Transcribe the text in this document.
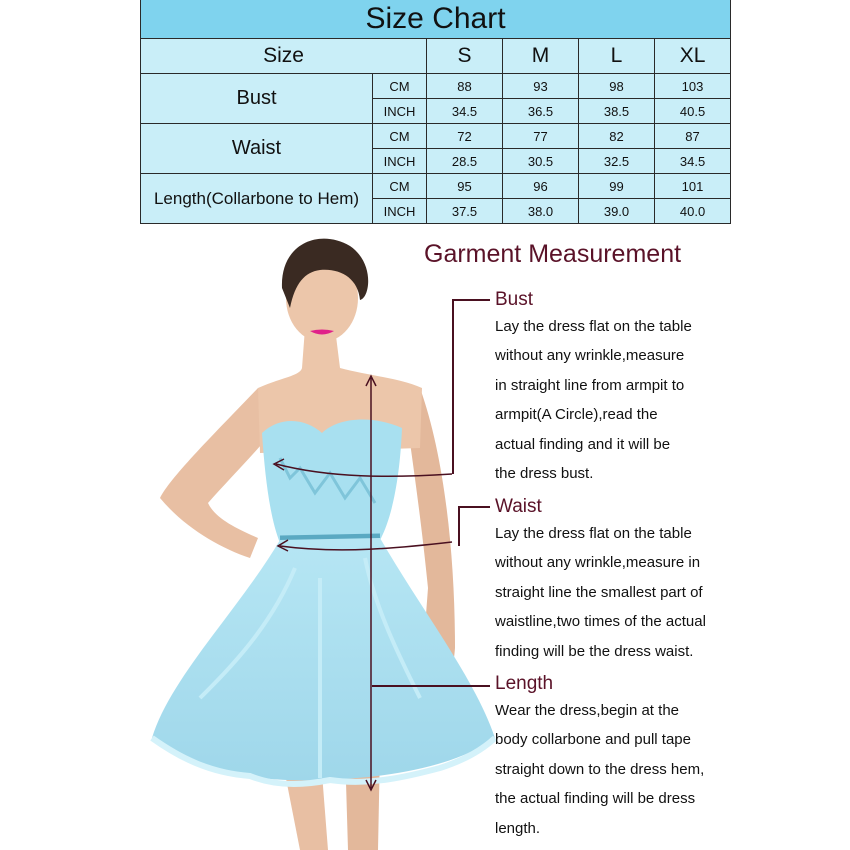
Size Chart					
Size		S	M	L	XL
Bust	CM	88	93	98	103
	INCH	34.5	36.5	38.5	40.5
Waist	CM	72	77	82	87
	INCH	28.5	30.5	32.5	34.5
Length(Collarbone to Hem)	CM	95	96	99	101
	INCH	37.5	38.0	39.0	40.0
Garment Measurement
Bust
Lay the dress flat on the table
without any wrinkle,measure
in straight line from armpit to
armpit(A Circle),read the
actual finding and it will be
the dress bust.
Waist
Lay the dress flat on the table
without any wrinkle,measure in
straight line the smallest part of
waistline,two times of the actual
finding will be the dress waist.
Length
Wear the dress,begin at the
body collarbone and pull tape
straight down to the dress hem,
the actual finding will be dress
length.
